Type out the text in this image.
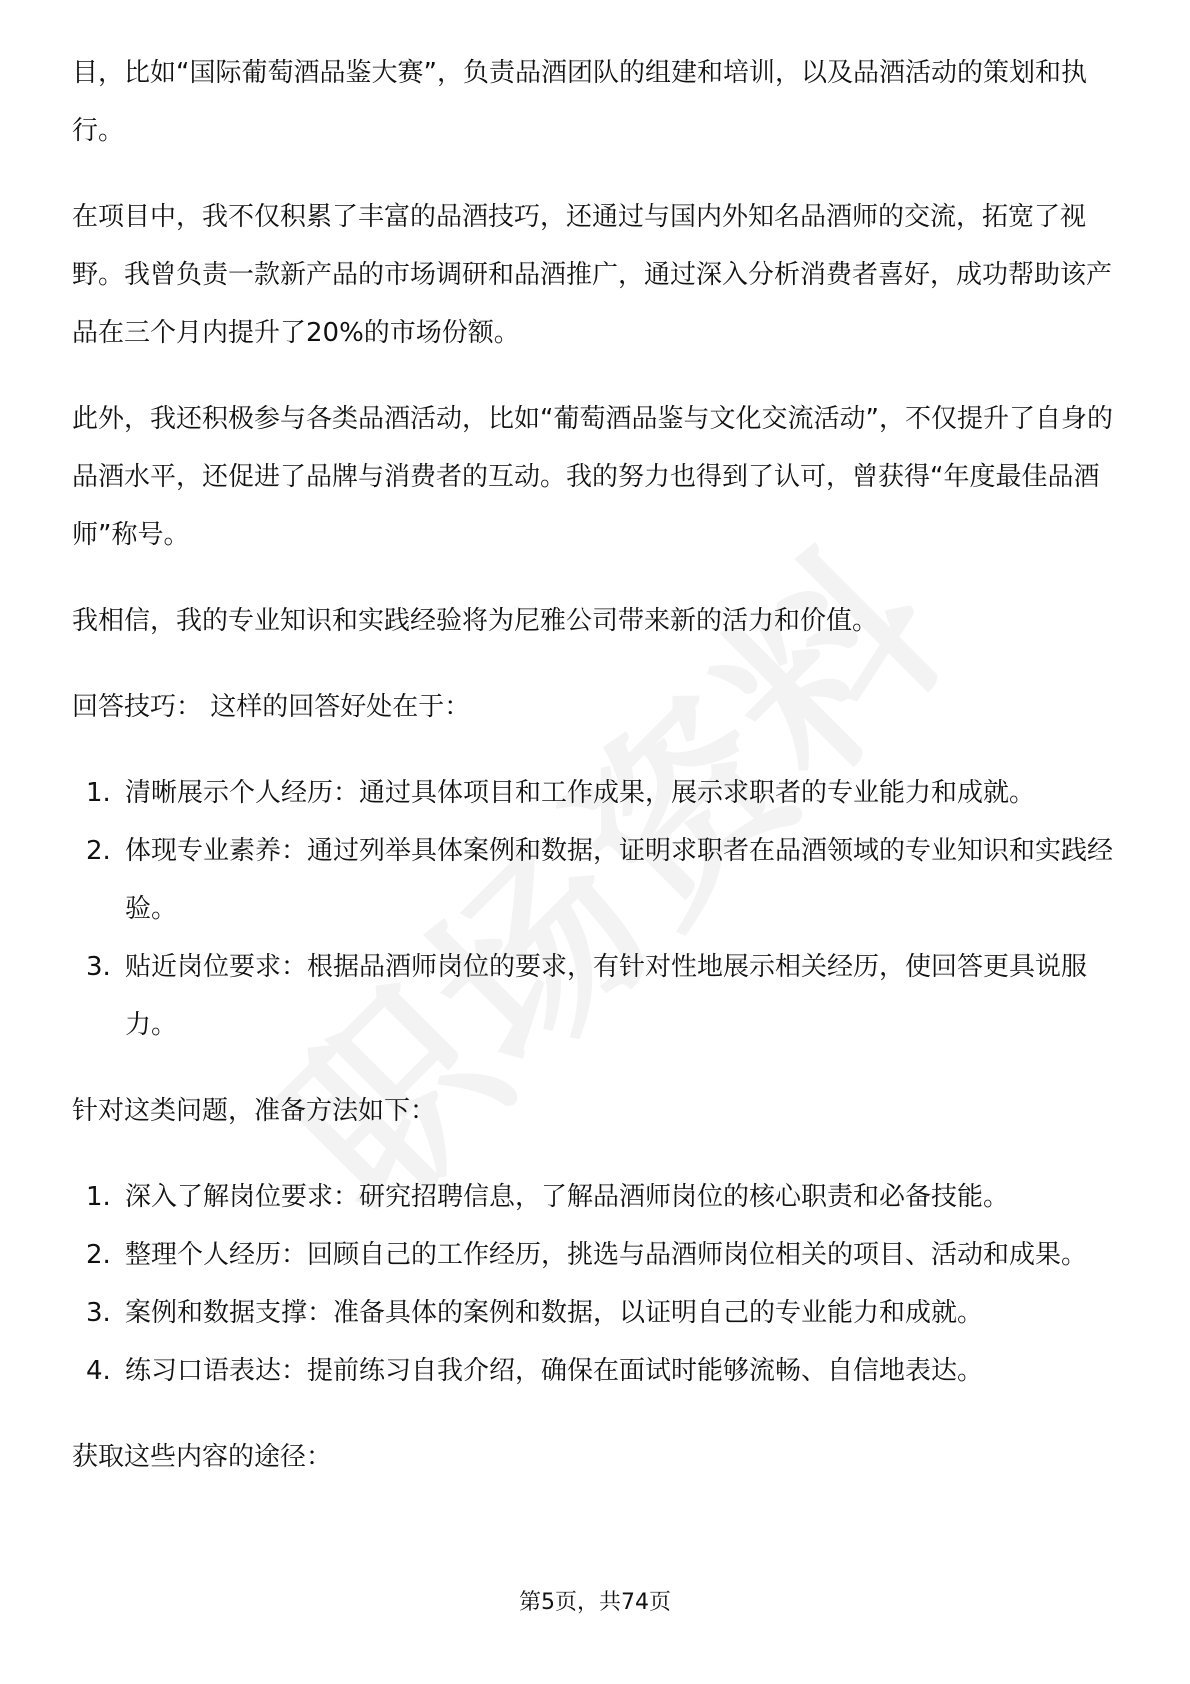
目，比如“国际葡萄酒品鉴大赛”，负责品酒团队的组建和培训，以及品酒活动的策划和执行。

在项目中，我不仅积累了丰富的品酒技巧，还通过与国内外知名品酒师的交流，拓宽了视野。我曾负责一款新产品的市场调研和品酒推广，通过深入分析消费者喜好，成功帮助该产品在三个月内提升了20%的市场份额。

此外，我还积极参与各类品酒活动，比如“葡萄酒品鉴与文化交流活动”，不仅提升了自身的品酒水平，还促进了品牌与消费者的互动。我的努力也得到了认可，曾获得“年度最佳品酒师”称号。

我相信，我的专业知识和实践经验将为尼雅公司带来新的活力和价值。

回答技巧： 这样的回答好处在于：

1. 清晰展示个人经历：通过具体项目和工作成果，展示求职者的专业能力和成就。
2. 体现专业素养：通过列举具体案例和数据，证明求职者在品酒领域的专业知识和实践经验。
3. 贴近岗位要求：根据品酒师岗位的要求，有针对性地展示相关经历，使回答更具说服力。

针对这类问题，准备方法如下：

1. 深入了解岗位要求：研究招聘信息，了解品酒师岗位的核心职责和必备技能。
2. 整理个人经历：回顾自己的工作经历，挑选与品酒师岗位相关的项目、活动和成果。
3. 案例和数据支撑：准备具体的案例和数据，以证明自己的专业能力和成就。
4. 练习口语表达：提前练习自我介绍，确保在面试时能够流畅、自信地表达。

获取这些内容的途径：

第5页，共74页
